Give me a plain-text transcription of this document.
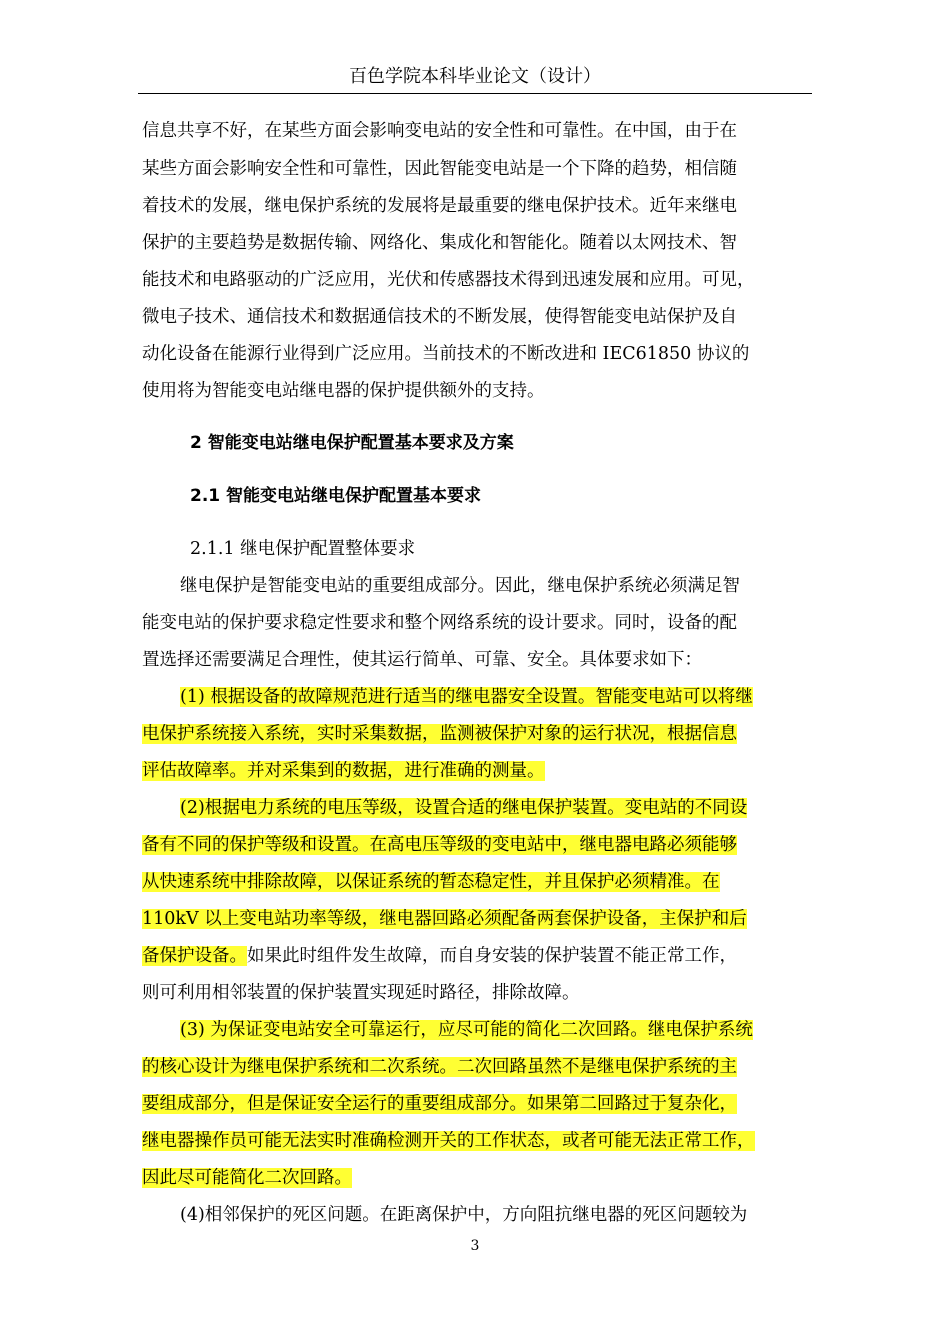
百色学院本科毕业论文（设计）
信息共享不好，在某些方面会影响变电站的安全性和可靠性。在中国，由于在
某些方面会影响安全性和可靠性，因此智能变电站是一个下降的趋势，相信随
着技术的发展，继电保护系统的发展将是最重要的继电保护技术。近年来继电
保护的主要趋势是数据传输、网络化、集成化和智能化。随着以太网技术、智
能技术和电路驱动的广泛应用，光伏和传感器技术得到迅速发展和应用。可见，
微电子技术、通信技术和数据通信技术的不断发展，使得智能变电站保护及自
动化设备在能源行业得到广泛应用。当前技术的不断改进和 IEC61850 协议的
使用将为智能变电站继电器的保护提供额外的支持。
2 智能变电站继电保护配置基本要求及方案
2.1 智能变电站继电保护配置基本要求
2.1.1 继电保护配置整体要求
继电保护是智能变电站的重要组成部分。因此，继电保护系统必须满足智
能变电站的保护要求稳定性要求和整个网络系统的设计要求。同时，设备的配
置选择还需要满足合理性，使其运行简单、可靠、安全。具体要求如下：
(1) 根据设备的故障规范进行适当的继电器安全设置。智能变电站可以将继
电保护系统接入系统，实时采集数据，监测被保护对象的运行状况，根据信息
评估故障率。并对采集到的数据，进行准确的测量。
(2)根据电力系统的电压等级，设置合适的继电保护装置。变电站的不同设
备有不同的保护等级和设置。在高电压等级的变电站中，继电器电路必须能够
从快速系统中排除故障，以保证系统的暂态稳定性，并且保护必须精准。在
110kV 以上变电站功率等级，继电器回路必须配备两套保护设备，主保护和后
备保护设备。如果此时组件发生故障，而自身安装的保护装置不能正常工作，
则可利用相邻装置的保护装置实现延时路径，排除故障。
(3) 为保证变电站安全可靠运行，应尽可能的简化二次回路。继电保护系统
的核心设计为继电保护系统和二次系统。二次回路虽然不是继电保护系统的主
要组成部分，但是保证安全运行的重要组成部分。如果第二回路过于复杂化，
继电器操作员可能无法实时准确检测开关的工作状态，或者可能无法正常工作，
因此尽可能简化二次回路。
(4)相邻保护的死区问题。在距离保护中，方向阻抗继电器的死区问题较为
3
